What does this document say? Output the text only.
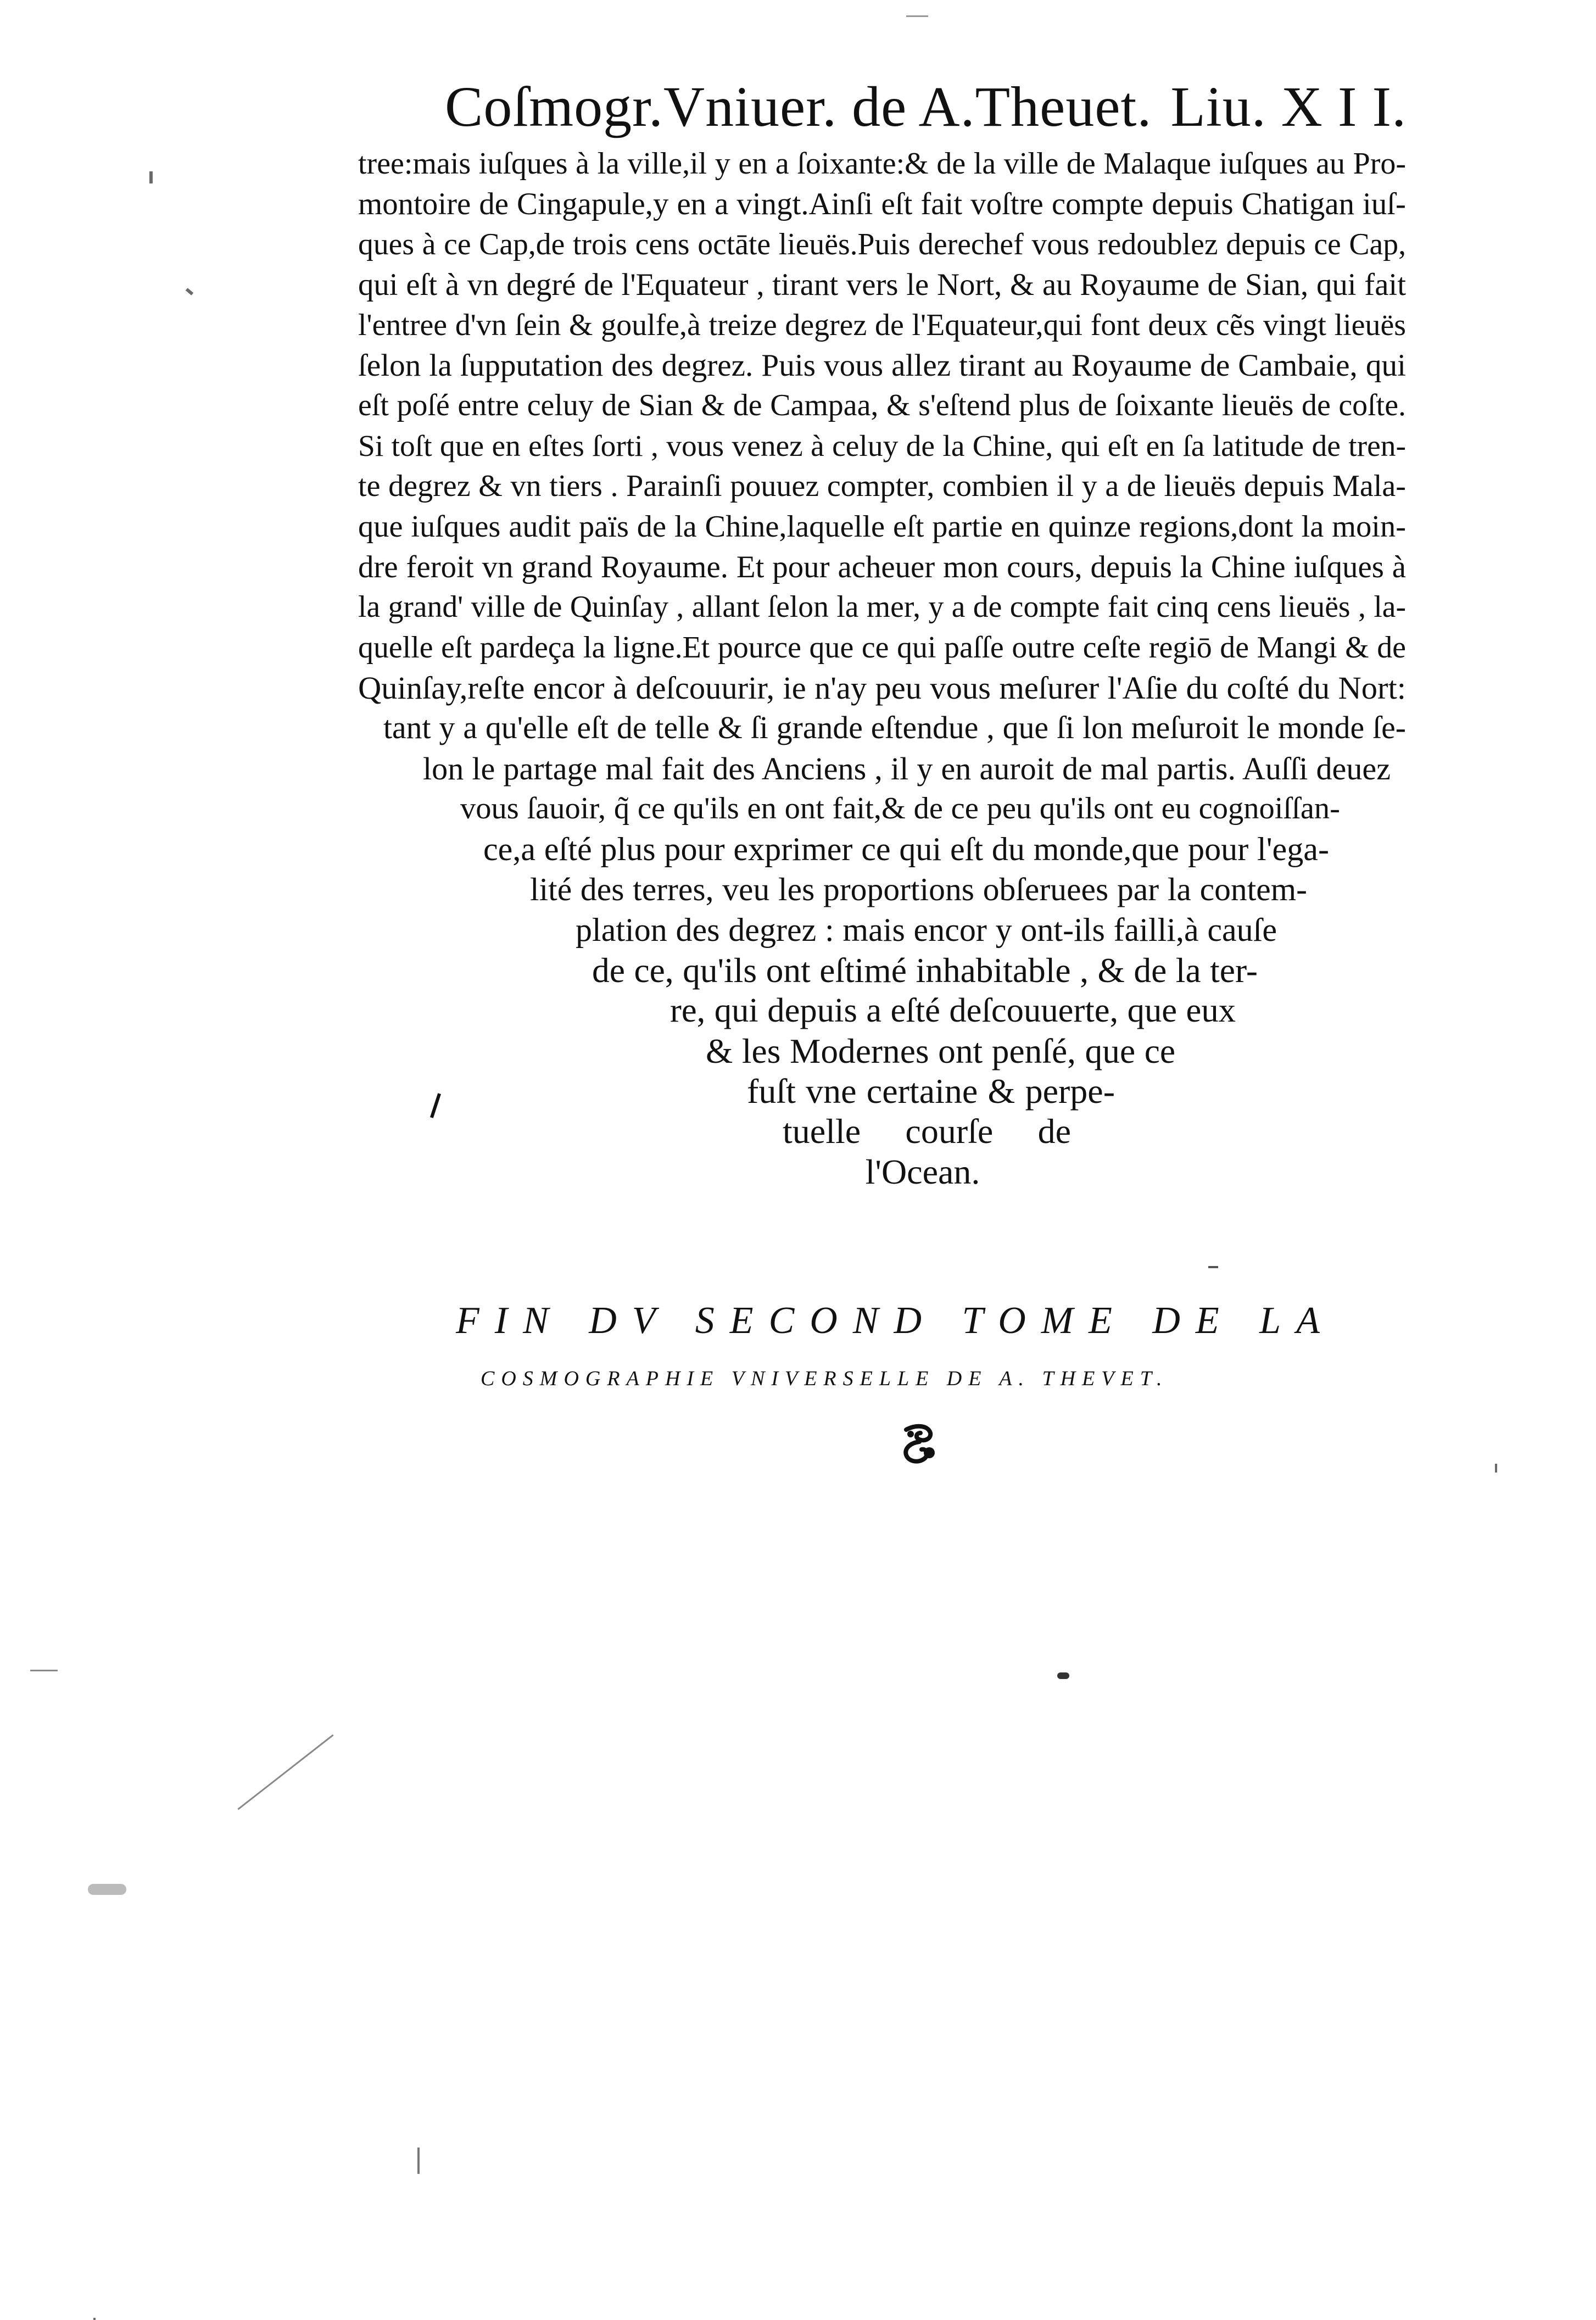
Coſmogr.Vniuer. de A.Theuet. Liu. X I I.
tree:mais iuſques à la ville,il y en a ſoixante:& de la ville de Malaque iuſques au Pro-
montoire de Cingapule,y en a vingt.Ainſi eſt fait voſtre compte depuis Chatigan iuſ-
ques à ce Cap,de trois cens octāte lieuës.Puis derechef vous redoublez depuis ce Cap,
qui eſt à vn degré de l'Equateur , tirant vers le Nort, & au Royaume de Sian, qui fait
l'entree d'vn ſein & goulfe,à treize degrez de l'Equateur,qui font deux cẽs vingt lieuës
ſelon la ſupputation des degrez. Puis vous allez tirant au Royaume de Cambaie, qui
eſt poſé entre celuy de Sian & de Campaa, & s'eſtend plus de ſoixante lieuës de coſte.
Si toſt que en eſtes ſorti , vous venez à celuy de la Chine, qui eſt en ſa latitude de tren-
te degrez & vn tiers . Parainſi pouuez compter, combien il y a de lieuës depuis Mala-
que iuſques audit païs de la Chine,laquelle eſt partie en quinze regions,dont la moin-
dre feroit vn grand Royaume. Et pour acheuer mon cours, depuis la Chine iuſques à
la grand' ville de Quinſay , allant ſelon la mer, y a de compte fait cinq cens lieuës , la-
quelle eſt pardeça la ligne.Et pource que ce qui paſſe outre ceſte regiō de Mangi & de
Quinſay,reſte encor à deſcouurir, ie n'ay peu vous meſurer l'Aſie du coſté du Nort:
tant y a qu'elle eſt de telle & ſi grande eſtendue , que ſi lon meſuroit le monde ſe-
lon le partage mal fait des Anciens , il y en auroit de mal partis. Auſſi deuez
vous ſauoir, q̃ ce qu'ils en ont fait,& de ce peu qu'ils ont eu cognoiſſan-
ce,a eſté plus pour exprimer ce qui eſt du monde,que pour l'ega-
lité des terres, veu les proportions obſeruees par la contem-
plation des degrez : mais encor y ont-ils failli,à cauſe
de ce, qu'ils ont eſtimé inhabitable , & de la ter-
re, qui depuis a eſté deſcouuerte, que eux
& les Modernes ont penſé, que ce
fuſt vne certaine & perpe-
tuelle courſe de
l'Ocean.
FIN DV SECOND TOME DE LA
COSMOGRAPHIE VNIVERSELLE DE A. THEVET.
